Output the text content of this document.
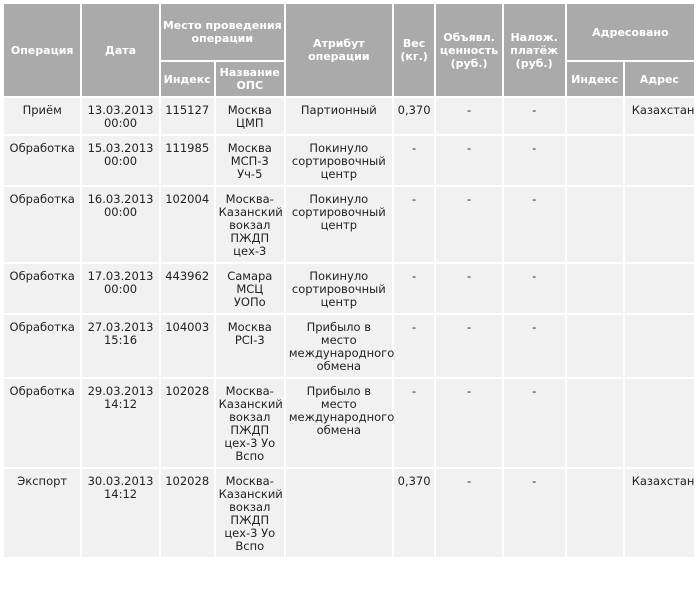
Операция	Дата	Место проведения операции		Атрибут операции	Вес (кг.)	Объявл. ценность (руб.)	Налож. платёж (руб.)	Адресовано	
		Индекс	Название ОПС					Индекс	Адрес
Приём	13.03.2013 00:00	115127	Москва ЦМП	Партионный	0,370	-	-		Казахстан
Обработка	15.03.2013 00:00	111985	Москва МСП-3 Уч-5	Покинуло сортировочный центр	-	-	-		
Обработка	16.03.2013 00:00	102004	Москва-Казанский вокзал ПЖДП цех-3	Покинуло сортировочный центр	-	-	-		
Обработка	17.03.2013 00:00	443962	Самара МСЦ УОПо	Покинуло сортировочный центр	-	-	-		
Обработка	27.03.2013 15:16	104003	Москва PCI-3	Прибыло в место международного обмена	-	-	-		
Обработка	29.03.2013 14:12	102028	Москва-Казанский вокзал ПЖДП цех-3 Уо Вспо	Прибыло в место международного обмена	-	-	-		
Экспорт	30.03.2013 14:12	102028	Москва-Казанский вокзал ПЖДП цех-3 Уо Вспо		0,370	-	-		Казахстан
